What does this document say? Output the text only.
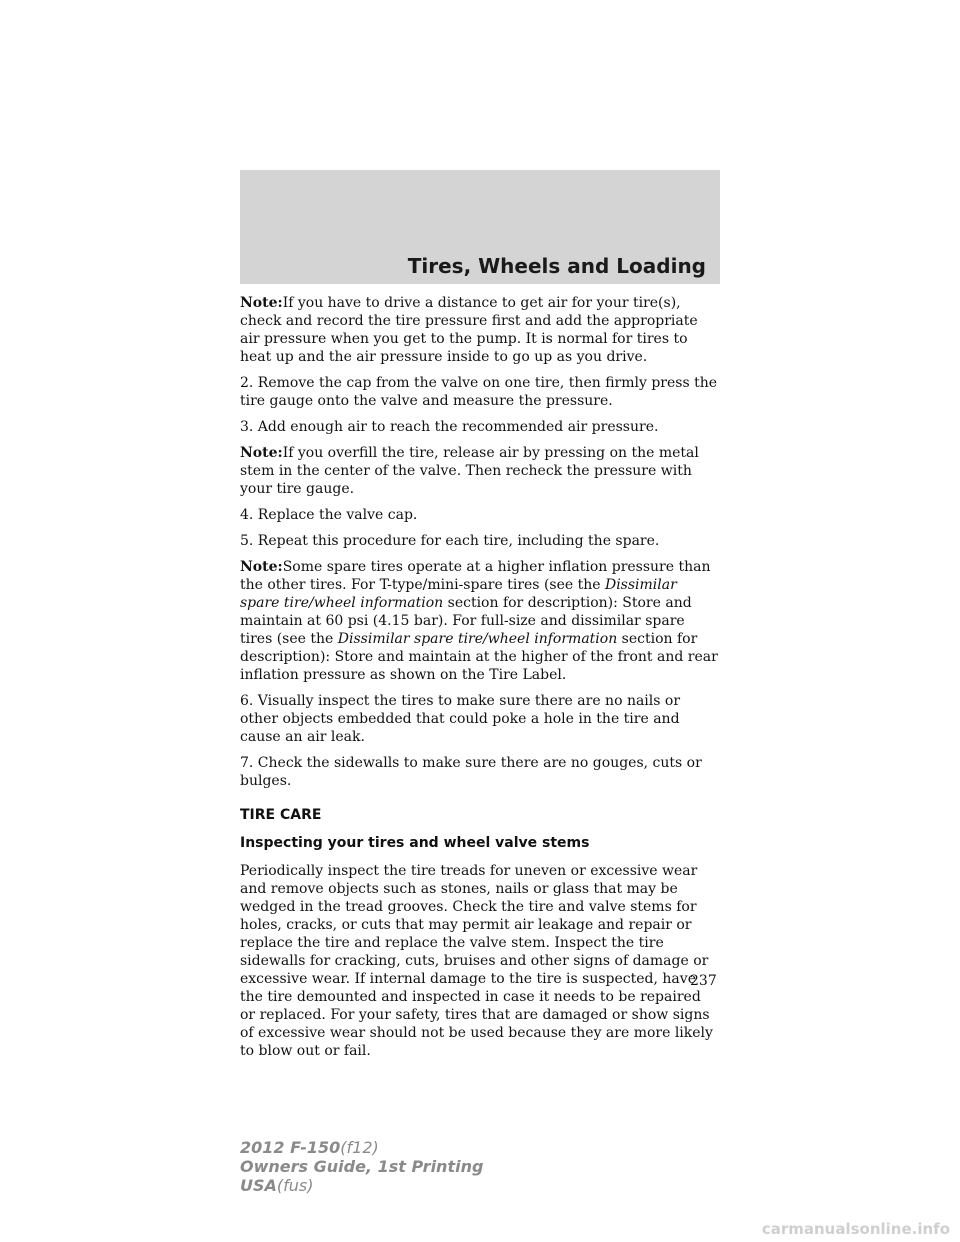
Tires, Wheels and Loading

Note:If you have to drive a distance to get air for your tire(s), check and record the tire pressure first and add the appropriate air pressure when you get to the pump. It is normal for tires to heat up and the air pressure inside to go up as you drive.

2. Remove the cap from the valve on one tire, then firmly press the tire gauge onto the valve and measure the pressure.

3. Add enough air to reach the recommended air pressure.

Note:If you overfill the tire, release air by pressing on the metal stem in the center of the valve. Then recheck the pressure with your tire gauge.

4. Replace the valve cap.

5. Repeat this procedure for each tire, including the spare.

Note:Some spare tires operate at a higher inflation pressure than the other tires. For T-type/mini-spare tires (see the Dissimilar spare tire/wheel information section for description): Store and maintain at 60 psi (4.15 bar). For full-size and dissimilar spare tires (see the Dissimilar spare tire/wheel information section for description): Store and maintain at the higher of the front and rear inflation pressure as shown on the Tire Label.

6. Visually inspect the tires to make sure there are no nails or other objects embedded that could poke a hole in the tire and cause an air leak.

7. Check the sidewalls to make sure there are no gouges, cuts or bulges.

TIRE CARE
Inspecting your tires and wheel valve stems

Periodically inspect the tire treads for uneven or excessive wear and remove objects such as stones, nails or glass that may be wedged in the tread grooves. Check the tire and valve stems for holes, cracks, or cuts that may permit air leakage and repair or replace the tire and replace the valve stem. Inspect the tire sidewalls for cracking, cuts, bruises and other signs of damage or excessive wear. If internal damage to the tire is suspected, have the tire demounted and inspected in case it needs to be repaired or replaced. For your safety, tires that are damaged or show signs of excessive wear should not be used because they are more likely to blow out or fail.

237
2012 F-150(f12)
Owners Guide, 1st Printing
USA(fus)
carmanualsonline.info
